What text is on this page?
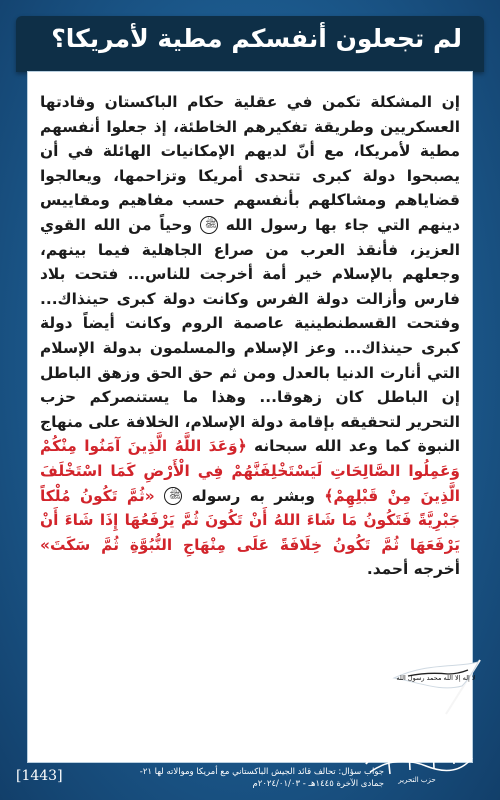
لم تجعلون أنفسكم مطية لأمريكا؟
إن المشكلة تكمن في عقلية حكام الباكستان وقادتها العسكريين وطريقة تفكيرهم الخاطئة، إذ جعلوا أنفسهم مطية لأمريكا، مع أنّ لديهم الإمكانيات الهائلة في أن يصبحوا دولة كبرى تتحدى أمريكا وتزاحمها، ويعالجوا قضاياهم ومشاكلهم بأنفسهم حسب مفاهيم ومقاييس دينهم التي جاء بها رسول الله ﷺ وحياً من الله القوي العزيز، فأنقذ العرب من صراع الجاهلية فيما بينهم، وجعلهم بالإسلام خير أمة أخرجت للناس... فتحت بلاد فارس وأزالت دولة الفرس وكانت دولة كبرى حينذاك... وفتحت القسطنطينية عاصمة الروم وكانت أيضاً دولة كبرى حينذاك... وعز الإسلام والمسلمون بدولة الإسلام التي أنارت الدنيا بالعدل ومن ثم حق الحق وزهق الباطل إن الباطل كان زهوقا... وهذا ما يستنصركم حزب التحرير لتحقيقه بإقامة دولة الإسلام، الخلافة على منهاج النبوة كما وعد الله سبحانه ﴿وَعَدَ اللَّهُ الَّذِينَ آمَنُوا مِنْكُمْ وَعَمِلُوا الصَّالِحَاتِ لَيَسْتَخْلِفَنَّهُمْ فِي الْأَرْضِ كَمَا اسْتَخْلَفَ الَّذِينَ مِنْ قَبْلِهِمْ﴾ وبشر به رسوله ﷺ «ثُمَّ تَكُونُ مُلْكاً جَبْرِيَّةً فَتَكُونُ مَا شَاءَ اللهُ أَنْ تَكُونَ ثُمَّ يَرْفَعُهَا إِذَا شَاءَ أَنْ يَرْفَعَهَا ثُمَّ تَكُونُ خِلَافَةً عَلَى مِنْهَاجِ النُّبُوَّةِ ثُمَّ سَكَتَ» أخرجه أحمد.
لا إله إلا الله محمد رسول الله
حزب التحرير
جواب سؤال: تحالف قائد الجيش الباكستاني مع أمريكا وموالاته لها ٢١-
جمادى الآخرة ١٤٤٥هـ - ٢٠٢٤/٠١/٠٣م
[1443]
